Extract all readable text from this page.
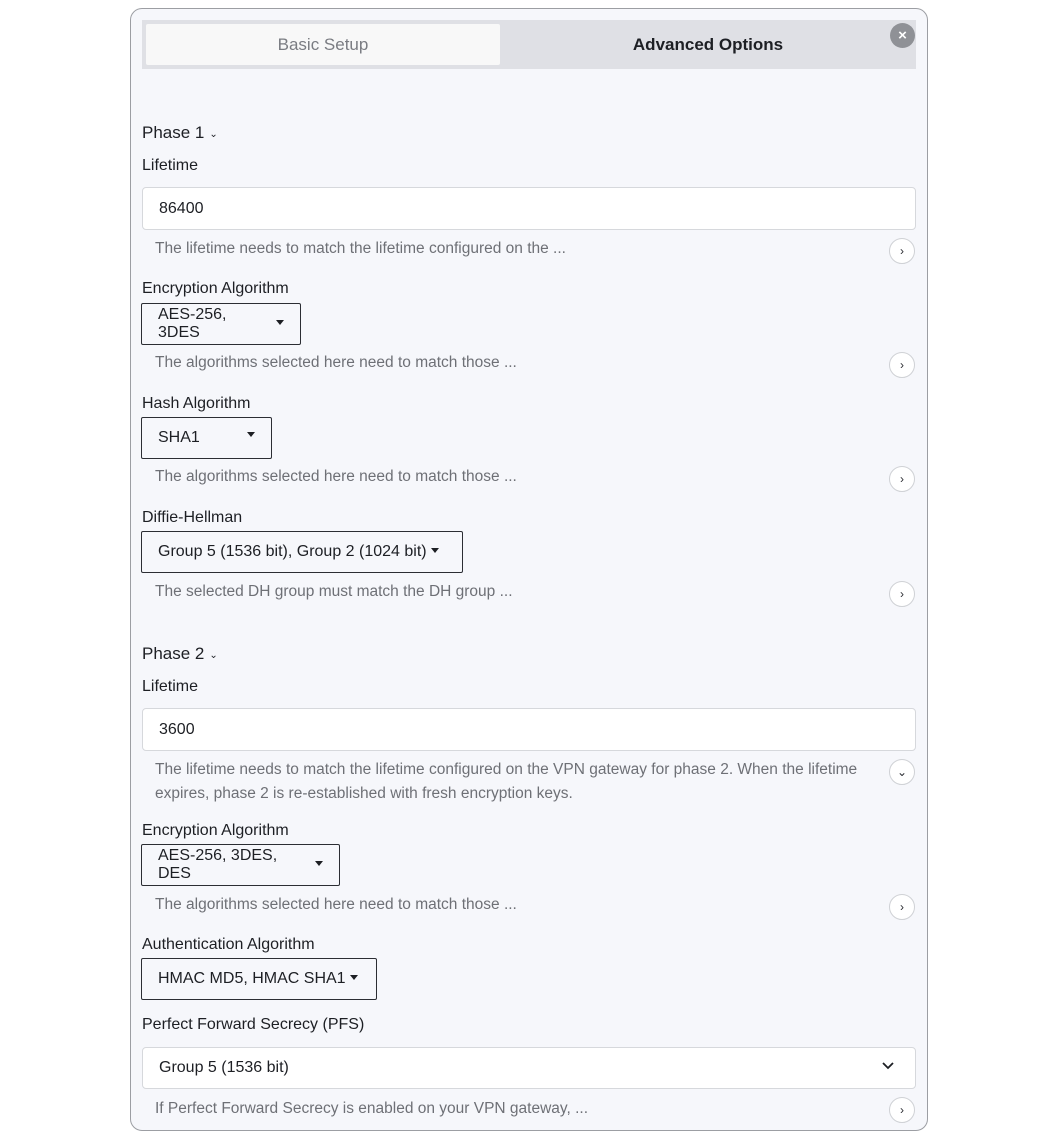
Basic Setup	Advanced Options	×
Phase 1 ⌄
Lifetime
86400
The lifetime needs to match the lifetime configured on the ...	›
Encryption Algorithm
AES-256, 3DES
The algorithms selected here need to match those ...	›
Hash Algorithm
SHA1
The algorithms selected here need to match those ...	›
Diffie-Hellman
Group 5 (1536 bit), Group 2 (1024 bit)
The selected DH group must match the DH group ...	›
Phase 2 ⌄
Lifetime
3600
The lifetime needs to match the lifetime configured on the VPN gateway for phase 2. When the lifetime expires, phase 2 is re-established with fresh encryption keys.
⌄
Encryption Algorithm
AES-256, 3DES, DES
The algorithms selected here need to match those ...	›
Authentication Algorithm
HMAC MD5, HMAC SHA1
Perfect Forward Secrecy (PFS)
Group 5 (1536 bit)
If Perfect Forward Secrecy is enabled on your VPN gateway, ...	›
